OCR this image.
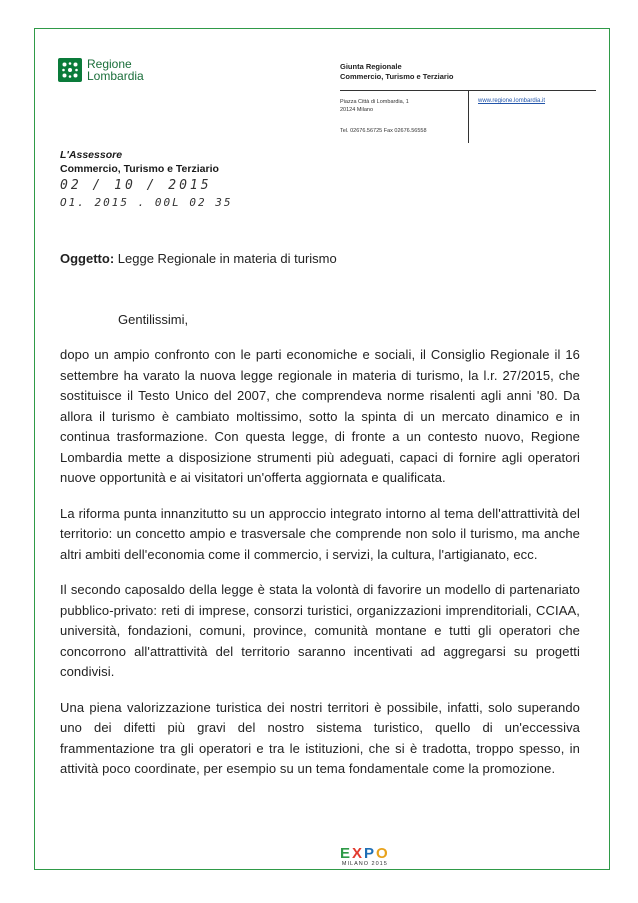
Regione
Lombardia
Giunta Regionale
Commercio, Turismo e Terziario
Piazza Città di Lombardia, 1
20124 Milano
Tel. 02676.56725 Fax 02676.56558
www.regione.lombardia.it
L'Assessore
Commercio, Turismo e Terziario
02 / 10 / 2015
O1. 2015 . 00L 02 35
Oggetto: Legge Regionale in materia di turismo
Gentilissimi,

dopo un ampio confronto con le parti economiche e sociali, il Consiglio Regionale il 16 settembre ha varato la nuova legge regionale in materia di turismo, la l.r. 27/2015, che sostituisce il Testo Unico del 2007, che comprendeva norme risalenti agli anni '80. Da allora il turismo è cambiato moltissimo, sotto la spinta di un mercato dinamico e in continua trasformazione. Con questa legge, di fronte a un contesto nuovo, Regione Lombardia mette a disposizione strumenti più adeguati, capaci di fornire agli operatori nuove opportunità e ai visitatori un'offerta aggiornata e qualificata.

La riforma punta innanzitutto su un approccio integrato intorno al tema dell'attrattività del territorio: un concetto ampio e trasversale che comprende non solo il turismo, ma anche altri ambiti dell'economia come il commercio, i servizi, la cultura, l'artigianato, ecc.

Il secondo caposaldo della legge è stata la volontà di favorire un modello di partenariato pubblico-privato: reti di imprese, consorzi turistici, organizzazioni imprenditoriali, CCIAA, università, fondazioni, comuni, province, comunità montane e tutti gli operatori che concorrono all'attrattività del territorio saranno incentivati ad aggregarsi su progetti condivisi.

Una piena valorizzazione turistica dei nostri territori è possibile, infatti, solo superando uno dei difetti più gravi del nostro sistema turistico, quello di un'eccessiva frammentazione tra gli operatori e tra le istituzioni, che si è tradotta, troppo spesso, in attività poco coordinate, per esempio su un tema fondamentale come la promozione.

EXPO
MILANO 2015
